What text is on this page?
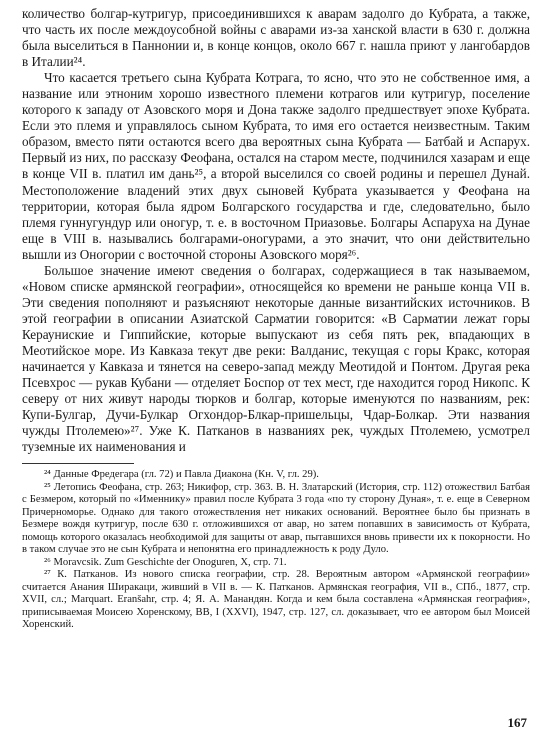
количество болгар-кутригур, присоединившихся к аварам задолго до Кубрата, а также, что часть их после междоусобной войны с аварами из-за ханской власти в 630 г. должна была выселиться в Паннонии и, в конце концов, около 667 г. нашла приют у лангобардов в Италии²⁴.

Что касается третьего сына Кубрата Котрага, то ясно, что это не собственное имя, а название или этноним хорошо известного племени котрагов или кутригур, поселение которого к западу от Азовского моря и Дона также задолго предшествует эпохе Кубрата. Если это племя и управлялось сыном Кубрата, то имя его остается неизвестным. Таким образом, вместо пяти остаются всего два вероятных сына Кубрата — Батбай и Аспарух. Первый из них, по рассказу Феофана, остался на старом месте, подчинился хазарам и еще в конце VII в. платил им дань²⁵, а второй выселился со своей родины и перешел Дунай. Местоположение владений этих двух сыновей Кубрата указывается у Феофана на территории, которая была ядром Болгарского государства и где, следовательно, было племя гуннугундур или оногур, т. е. в восточном Приазовье. Болгары Аспаруха на Дунае еще в VIII в. назывались болгарами-оногурами, а это значит, что они действительно вышли из Оногории с восточной стороны Азовского моря²⁶.

Большое значение имеют сведения о болгарах, содержащиеся в так называемом, «Новом списке армянской географии», относящейся ко времени не раньше конца VII в. Эти сведения пополняют и разъясняют некоторые данные византийских источников. В этой географии в описании Азиатской Сарматии говорится: «В Сарматии лежат горы Керауниские и Гиппийские, которые выпускают из себя пять рек, впадающих в Меотийское море. Из Кавказа текут две реки: Валданис, текущая с горы Кракс, которая начинается у Кавказа и тянется на северо-запад между Меотидой и Понтом. Другая река Псевхрос — рукав Кубани — отделяет Боспор от тех мест, где находится город Никопс. К северу от них живут народы тюрков и болгар, которые именуются по названиям, рек: Купи-Булгар, Дучи-Булкар Огхондор-Блкар-пришельцы, Чдар-Болкар. Эти названия чужды Птолемею»²⁷. Уже К. Патканов в названиях рек, чуждых Птолемею, усмотрел туземные их наименования и

²⁴ Данные Фредегара (гл. 72) и Павла Диакона (Кн. V, гл. 29).

²⁵ Летопись Феофана, стр. 263; Никифор, стр. 363. В. Н. Златарский (История, стр. 112) отожествил Батбая с Безмером, который по «Именнику» правил после Кубрата 3 года «по ту сторону Дуная», т. е. еще в Северном Причерноморье. Однако для такого отожествления нет никаких оснований. Вероятнее было бы признать в Безмере вождя кутригур, после 630 г. отложившихся от авар, но затем попавших в зависимость от Кубрата, помощь которого оказалась необходимой для защиты от авар, пытавшихся вновь привести их к покорности. Но в таком случае это не сын Кубрата и непонятна его принадлежность к роду Дуло.

²⁶ Moravcsik. Zum Geschichte der Onoguren, X, стр. 71.

²⁷ К. Патканов. Из нового списка географии, стр. 28. Вероятным автором «Армянской географии» считается Анания Ширакаци, живший в VII в. — К. Патканов. Армянская география, VII в., СПб., 1877, стр. XVII, сл.; Marquart. Eranšahr, стр. 4; Я. А. Манандян. Когда и кем была составлена «Армянская география», приписываемая Моисею Хоренскому, ВВ, I (XXVI), 1947, стр. 127, сл. доказывает, что ее автором был Моисей Хоренский.

167
